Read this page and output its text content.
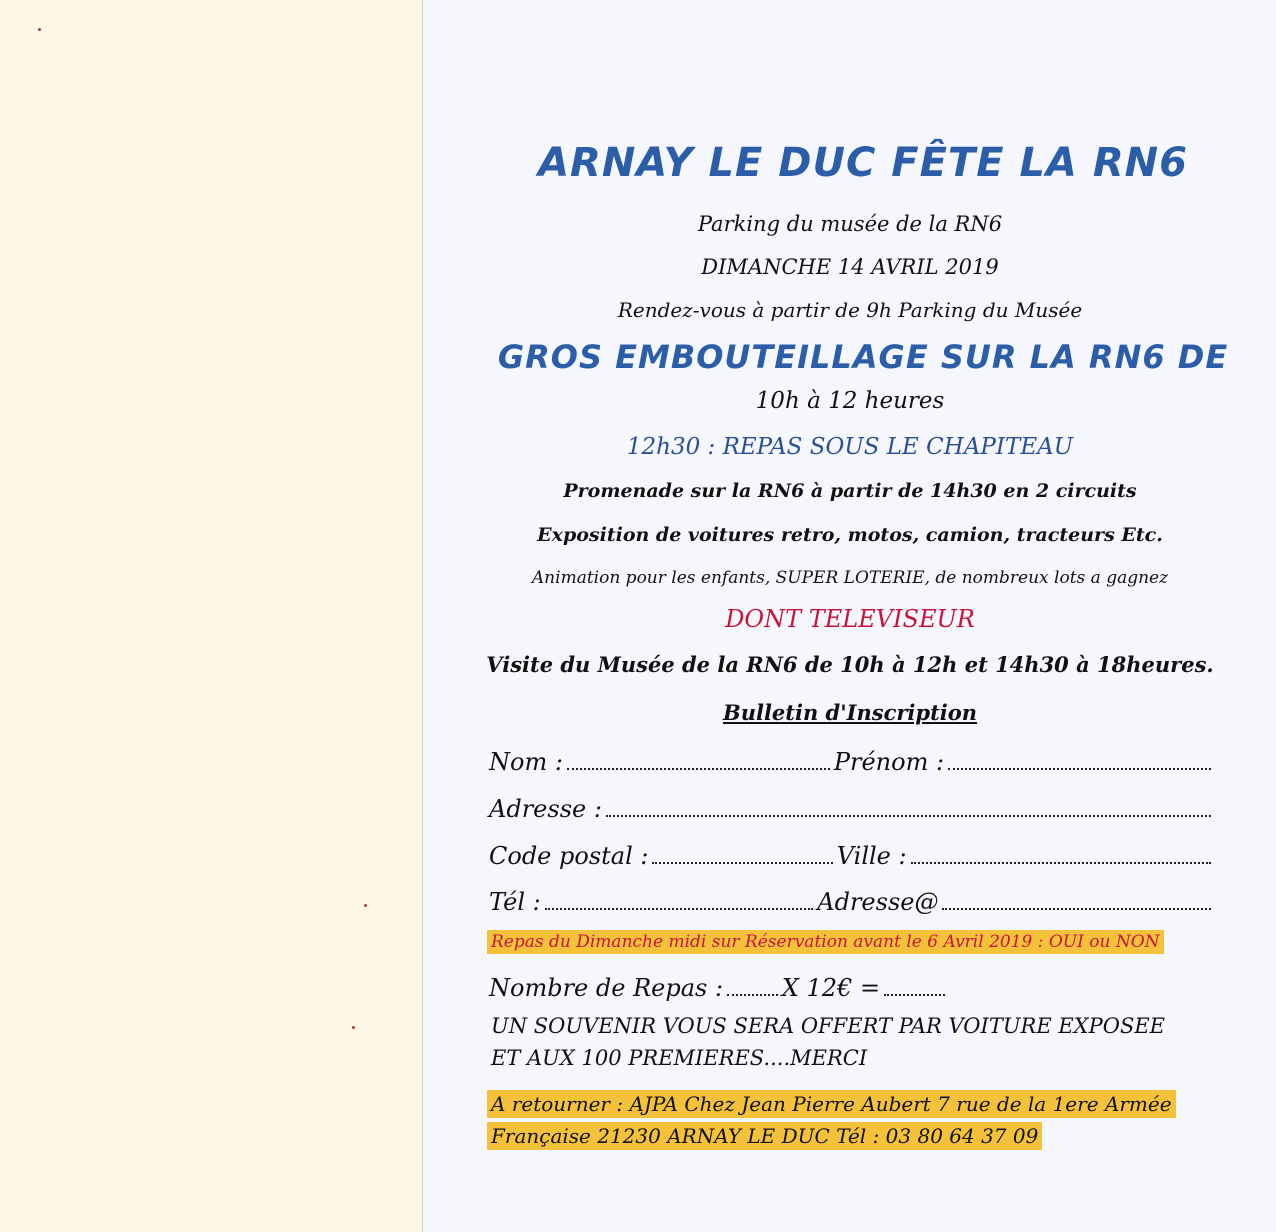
ARNAY LE DUC FÊTE LA RN6
Parking du musée de la RN6
DIMANCHE 14 AVRIL 2019
Rendez-vous à partir de 9h Parking du Musée
GROS EMBOUTEILLAGE SUR LA RN6 DE
10h à 12 heures
12h30 : REPAS SOUS LE CHAPITEAU
Promenade sur la RN6 à partir de 14h30 en 2 circuits
Exposition de voitures retro, motos, camion, tracteurs Etc.
Animation pour les enfants, SUPER LOTERIE, de nombreux lots a gagnez
DONT TELEVISEUR
Visite du Musée de la RN6 de 10h à 12h et 14h30 à 18heures.
Bulletin d'Inscription
Nom :	Prénom :
Adresse :
Code postal :	Ville :
Tél :	Adresse@
Repas du Dimanche midi sur Réservation avant le 6 Avril 2019 : OUI ou NON
Nombre de Repas : X 12€ =
UN SOUVENIR VOUS SERA OFFERT PAR VOITURE EXPOSEE
ET AUX 100 PREMIERES....MERCI
A retourner : AJPA Chez Jean Pierre Aubert 7 rue de la 1ere Armée
Française 21230 ARNAY LE DUC Tél : 03 80 64 37 09
